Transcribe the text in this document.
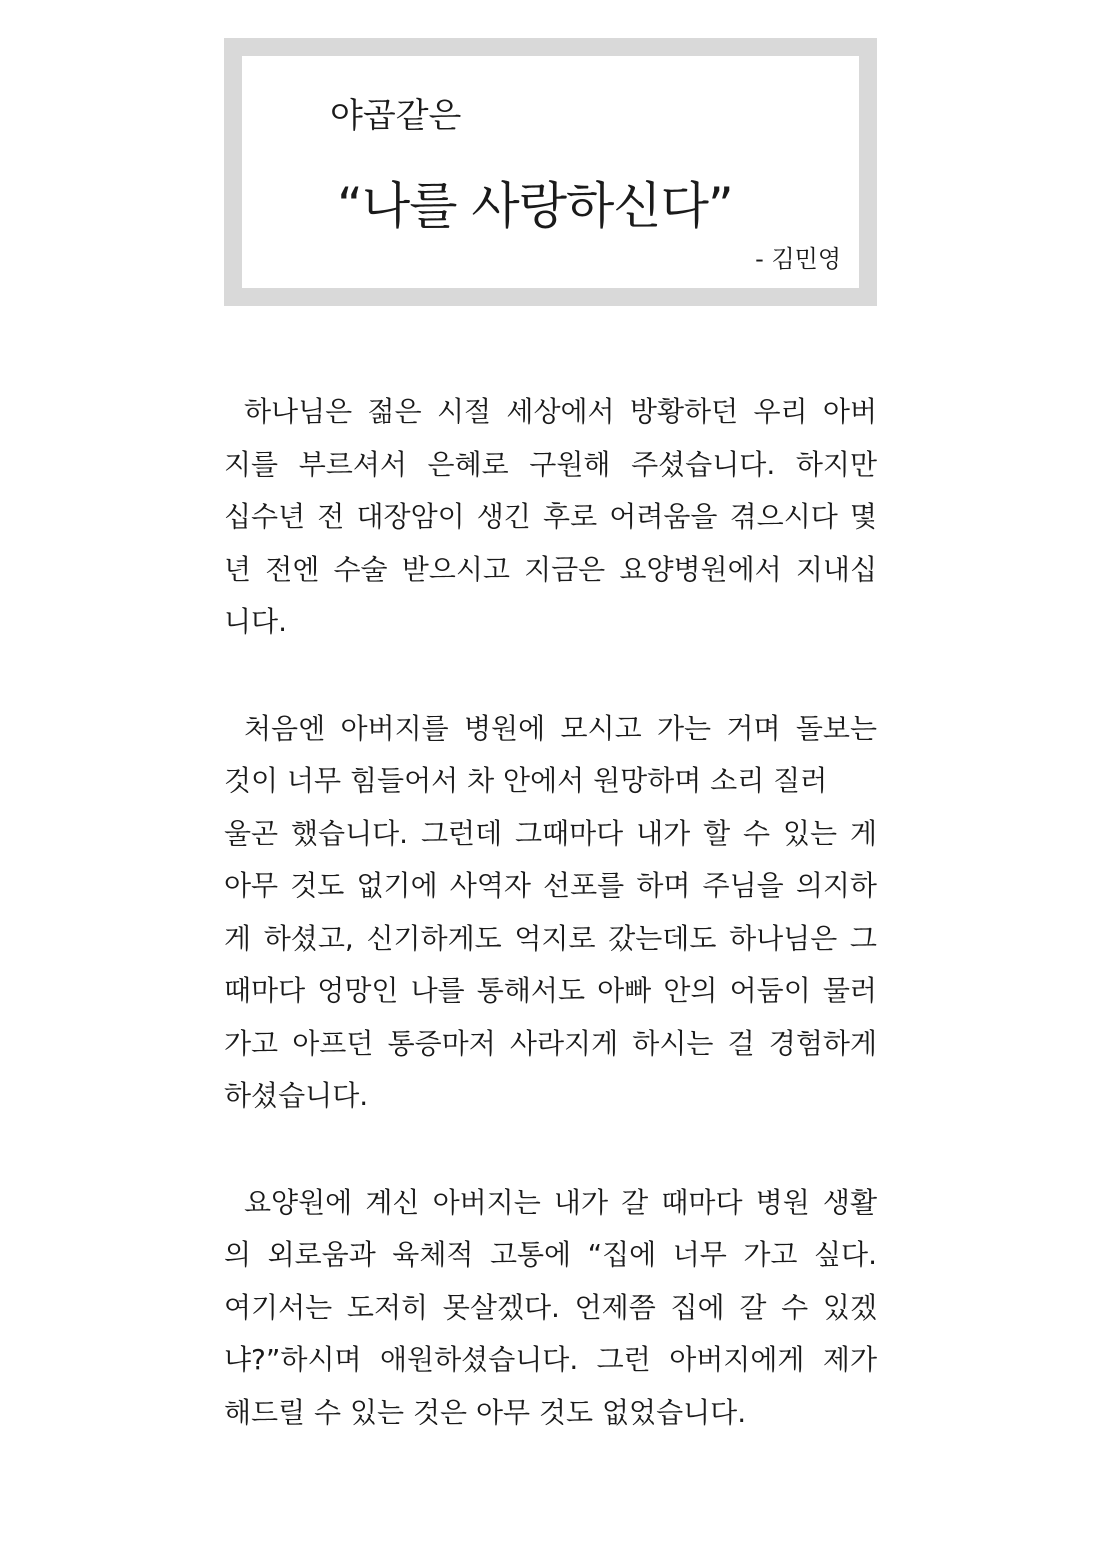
야곱같은
“나를 사랑하신다”
- 김민영
하나님은 젊은 시절 세상에서 방황하던 우리 아버
지를 부르셔서 은혜로 구원해 주셨습니다. 하지만
십수년 전 대장암이 생긴 후로 어려움을 겪으시다 몇
년 전엔 수술 받으시고 지금은 요양병원에서 지내십
니다.
처음엔 아버지를 병원에 모시고 가는 거며 돌보는
것이 너무 힘들어서 차 안에서 원망하며 소리 질러
울곤 했습니다. 그런데 그때마다 내가 할 수 있는 게
아무 것도 없기에 사역자 선포를 하며 주님을 의지하
게 하셨고, 신기하게도 억지로 갔는데도 하나님은 그
때마다 엉망인 나를 통해서도 아빠 안의 어둠이 물러
가고 아프던 통증마저 사라지게 하시는 걸 경험하게
하셨습니다.
요양원에 계신 아버지는 내가 갈 때마다 병원 생활
의 외로움과 육체적 고통에 “집에 너무 가고 싶다.
여기서는 도저히 못살겠다. 언제쯤 집에 갈 수 있겠
냐?”하시며 애원하셨습니다. 그런 아버지에게 제가
해드릴 수 있는 것은 아무 것도 없었습니다.
